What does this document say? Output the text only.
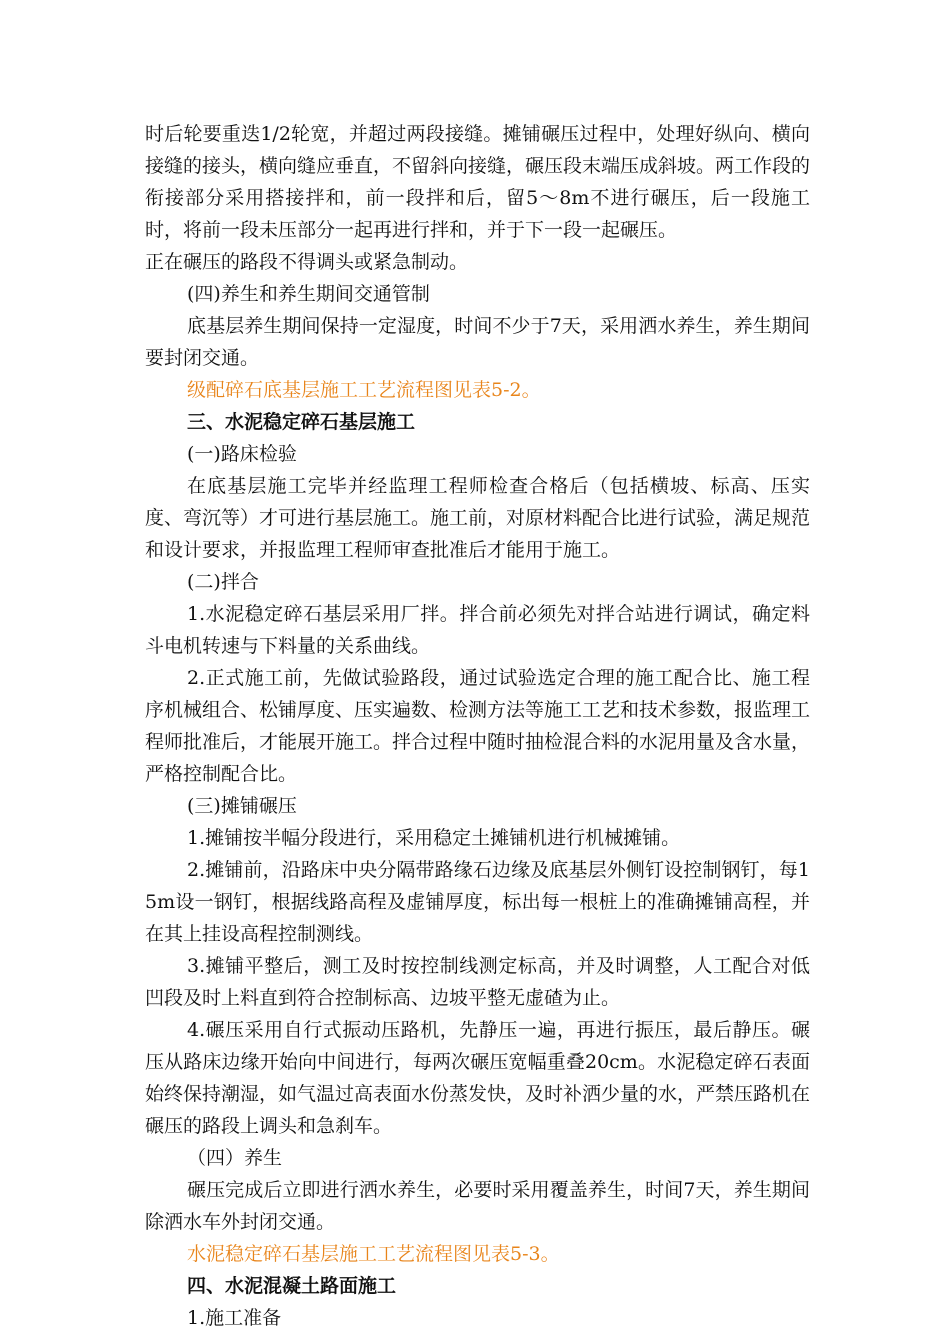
时后轮要重迭1/2轮宽，并超过两段接缝。摊铺碾压过程中，处理好纵向、横向接缝的接头，横向缝应垂直，不留斜向接缝，碾压段末端压成斜坡。两工作段的衔接部分采用搭接拌和，前一段拌和后，留5～8m不进行碾压，后一段施工时，将前一段未压部分一起再进行拌和，并于下一段一起碾压。

正在碾压的路段不得调头或紧急制动。

(四)养生和养生期间交通管制

底基层养生期间保持一定湿度，时间不少于7天，采用洒水养生，养生期间要封闭交通。

级配碎石底基层施工工艺流程图见表5-2。

三、水泥稳定碎石基层施工

(一)路床检验

在底基层施工完毕并经监理工程师检查合格后（包括横坡、标高、压实度、弯沉等）才可进行基层施工。施工前，对原材料配合比进行试验，满足规范和设计要求，并报监理工程师审查批准后才能用于施工。

(二)拌合

1.水泥稳定碎石基层采用厂拌。拌合前必须先对拌合站进行调试，确定料斗电机转速与下料量的关系曲线。

2.正式施工前，先做试验路段，通过试验选定合理的施工配合比、施工程序机械组合、松铺厚度、压实遍数、检测方法等施工工艺和技术参数，报监理工程师批准后，才能展开施工。拌合过程中随时抽检混合料的水泥用量及含水量，严格控制配合比。

(三)摊铺碾压

1.摊铺按半幅分段进行，采用稳定土摊铺机进行机械摊铺。

2.摊铺前，沿路床中央分隔带路缘石边缘及底基层外侧钉设控制钢钉，每15m设一钢钉，根据线路高程及虚铺厚度，标出每一根桩上的准确摊铺高程，并在其上挂设高程控制测线。

3.摊铺平整后，测工及时按控制线测定标高，并及时调整，人工配合对低凹段及时上料直到符合控制标高、边坡平整无虚碴为止。

4.碾压采用自行式振动压路机，先静压一遍，再进行振压，最后静压。碾压从路床边缘开始向中间进行，每两次碾压宽幅重叠20cm。水泥稳定碎石表面始终保持潮湿，如气温过高表面水份蒸发快，及时补洒少量的水，严禁压路机在碾压的路段上调头和急刹车。

（四）养生

碾压完成后立即进行洒水养生，必要时采用覆盖养生，时间7天，养生期间除洒水车外封闭交通。

水泥稳定碎石基层施工工艺流程图见表5-3。

四、水泥混凝土路面施工

1.施工准备
